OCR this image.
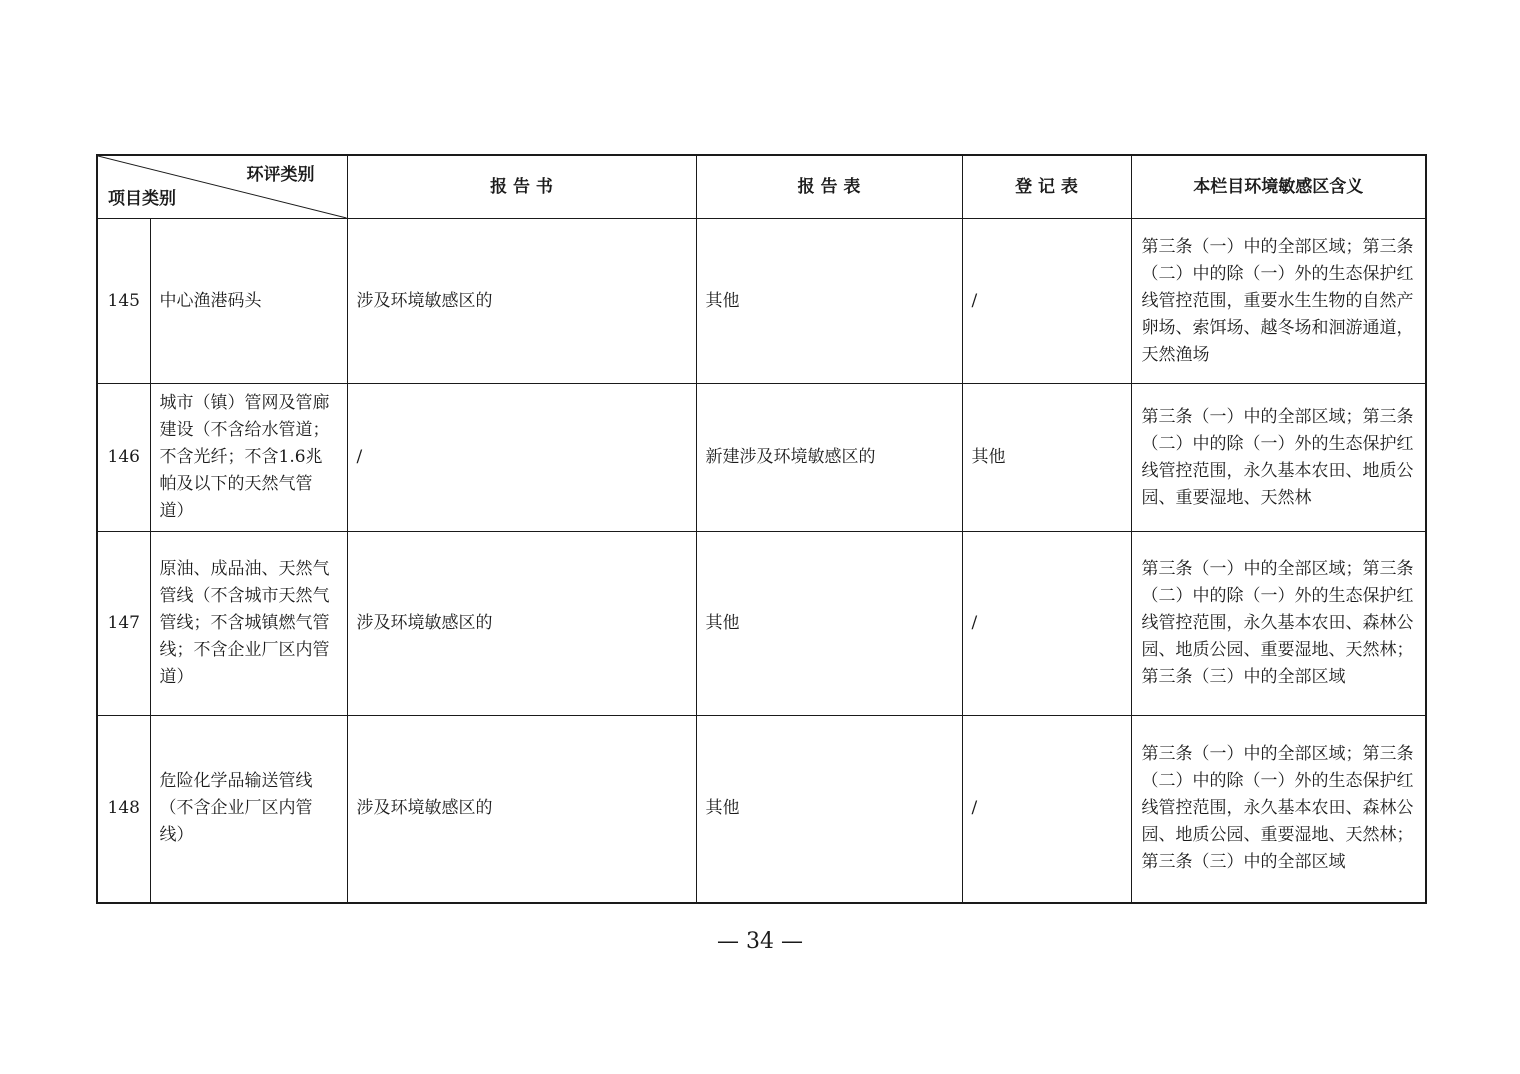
环评类别
项目类别		报 告 书	报 告 表	登 记 表	本栏目环境敏感区含义
145	中心渔港码头	涉及环境敏感区的	其他	/	第三条（一）中的全部区域；第三条（二）中的除（一）外的生态保护红线管控范围，重要水生生物的自然产卵场、索饵场、越冬场和洄游通道，天然渔场

146	城市（镇）管网及管廊建设（不含给水管道；不含光纤；不含1.6兆帕及以下的天然气管道）	/	新建涉及环境敏感区的	其他	第三条（一）中的全部区域；第三条（二）中的除（一）外的生态保护红线管控范围，永久基本农田、地质公园、重要湿地、天然林

147	原油、成品油、天然气管线（不含城市天然气管线；不含城镇燃气管线；不含企业厂区内管道）	涉及环境敏感区的	其他	/	第三条（一）中的全部区域；第三条（二）中的除（一）外的生态保护红线管控范围，永久基本农田、森林公园、地质公园、重要湿地、天然林；第三条（三）中的全部区域

148	危险化学品输送管线（不含企业厂区内管线）	涉及环境敏感区的	其他	/	第三条（一）中的全部区域；第三条（二）中的除（一）外的生态保护红线管控范围，永久基本农田、森林公园、地质公园、重要湿地、天然林；第三条（三）中的全部区域
— 34 —
